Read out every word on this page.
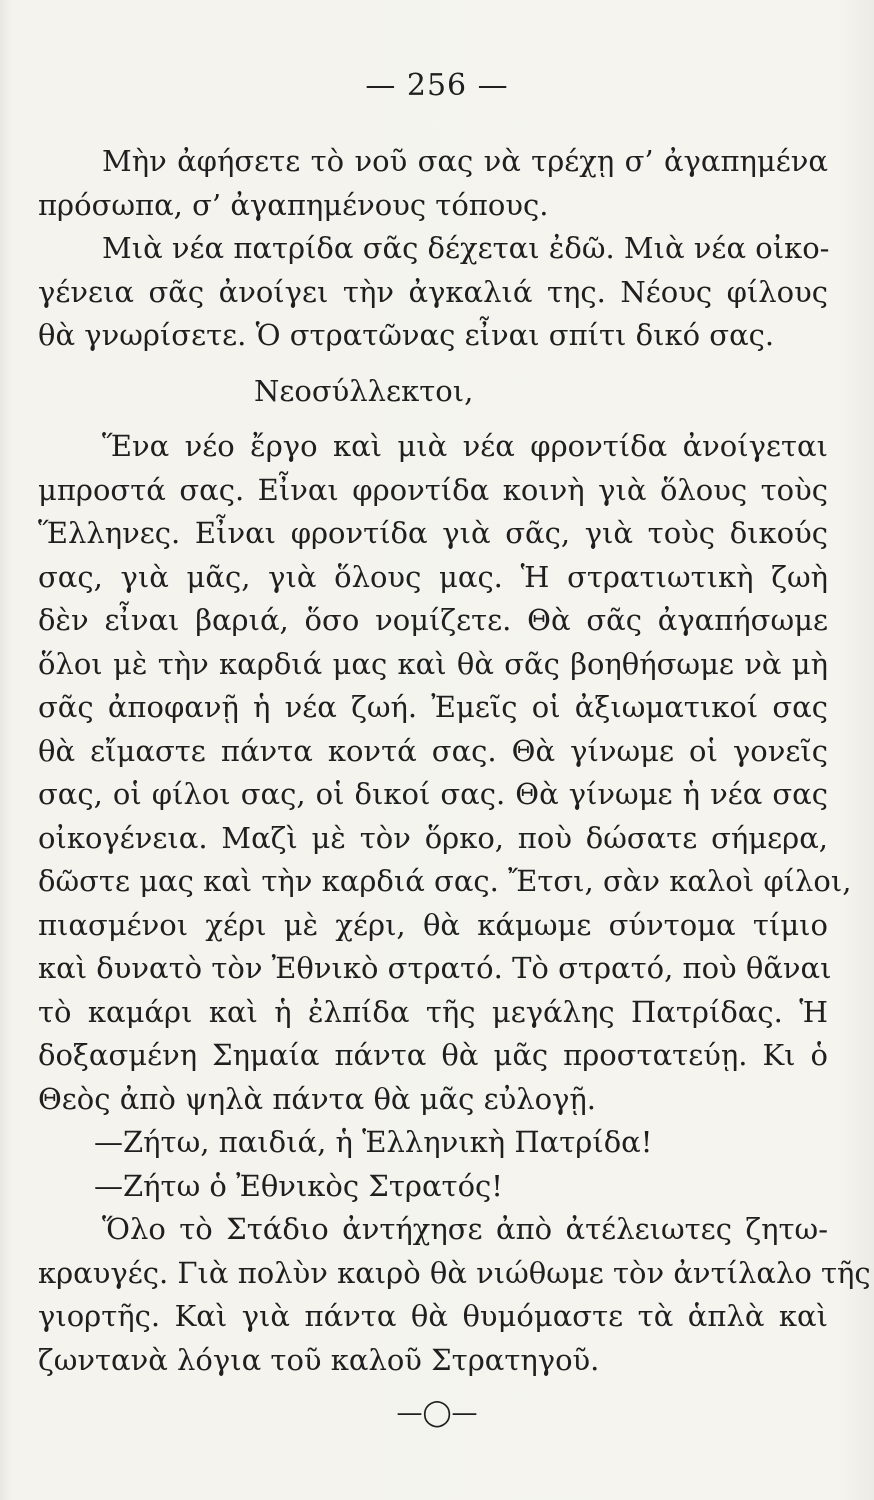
— 256 —
Μὴν ἀφήσετε τὸ νοῦ σας νὰ τρέχῃ σ’ ἀγαπημένα
πρόσωπα, σ’ ἀγαπημένους τόπους.
Μιὰ νέα πατρίδα σᾶς δέχεται ἐδῶ. Μιὰ νέα οἰκο-
γένεια σᾶς ἀνοίγει τὴν ἀγκαλιά της. Νέους φίλους
θὰ γνωρίσετε. Ὁ στρατῶνας εἶναι σπίτι δικό σας.
Νεοσύλλεκτοι,
Ἕνα νέο ἔργο καὶ μιὰ νέα φροντίδα ἀνοίγεται
μπροστά σας. Εἶναι φροντίδα κοινὴ γιὰ ὅλους τοὺς
Ἕλληνες. Εἶναι φροντίδα γιὰ σᾶς, γιὰ τοὺς δικούς
σας, γιὰ μᾶς, γιὰ ὅλους μας. Ἡ στρατιωτικὴ ζωὴ
δὲν εἶναι βαριά, ὅσο νομίζετε. Θὰ σᾶς ἀγαπήσωμε
ὅλοι μὲ τὴν καρδιά μας καὶ θὰ σᾶς βοηθήσωμε νὰ μὴ
σᾶς ἀποφανῇ ἡ νέα ζωή. Ἐμεῖς οἱ ἀξιωματικοί σας
θὰ εἴμαστε πάντα κοντά σας. Θὰ γίνωμε οἱ γονεῖς
σας, οἱ φίλοι σας, οἱ δικοί σας. Θὰ γίνωμε ἡ νέα σας
οἰκογένεια. Μαζὶ μὲ τὸν ὅρκο, ποὺ δώσατε σήμερα,
δῶστε μας καὶ τὴν καρδιά σας. Ἔτσι, σὰν καλοὶ φίλοι,
πιασμένοι χέρι μὲ χέρι, θὰ κάμωμε σύντομα τίμιο
καὶ δυνατὸ τὸν Ἐθνικὸ στρατό. Τὸ στρατό, ποὺ θᾶναι
τὸ καμάρι καὶ ἡ ἐλπίδα τῆς μεγάλης Πατρίδας. Ἡ
δοξασμένη Σημαία πάντα θὰ μᾶς προστατεύῃ. Κι ὁ
Θεὸς ἀπὸ ψηλὰ πάντα θὰ μᾶς εὐλογῇ.
—Ζήτω, παιδιά, ἡ Ἑλληνικὴ Πατρίδα!
—Ζήτω ὁ Ἐθνικὸς Στρατός!
Ὅλο τὸ Στάδιο ἀντήχησε ἀπὸ ἀτέλειωτες ζητω-
κραυγές. Γιὰ πολὺν καιρὸ θὰ νιώθωμε τὸν ἀντίλαλο τῆς
γιορτῆς. Καὶ γιὰ πάντα θὰ θυμόμαστε τὰ ἁπλὰ καὶ
ζωντανὰ λόγια τοῦ καλοῦ Στρατηγοῦ.
—◯—
